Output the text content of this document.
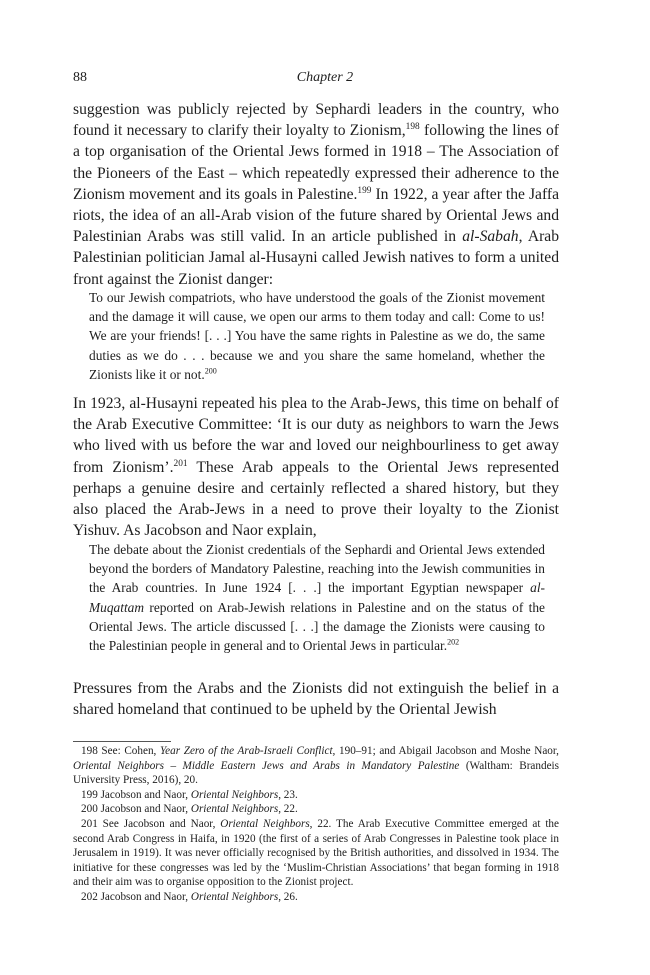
88	Chapter 2

suggestion was publicly rejected by Sephardi leaders in the country, who found it necessary to clarify their loyalty to Zionism,$^{198}$ following the lines of a top organisation of the Oriental Jews formed in 1918 – The Association of the Pioneers of the East – which repeatedly expressed their adherence to the Zionism movement and its goals in Palestine.$^{199}$ In 1922, a year after the Jaffa riots, the idea of an all-Arab vision of the future shared by Oriental Jews and Palestinian Arabs was still valid. In an article published in al-Sabah, Arab Palestinian politician Jamal al-Husayni called Jewish natives to form a united front against the Zionist danger:

To our Jewish compatriots, who have understood the goals of the Zionist movement and the damage it will cause, we open our arms to them today and call: Come to us! We are your friends! [. . .] You have the same rights in Palestine as we do, the same duties as we do . . . because we and you share the same homeland, whether the Zionists like it or not.$^{200}$

In 1923, al-Husayni repeated his plea to the Arab-Jews, this time on behalf of the Arab Executive Committee: ‘It is our duty as neighbors to warn the Jews who lived with us before the war and loved our neighbourliness to get away from Zionism’.$^{201}$ These Arab appeals to the Oriental Jews represented perhaps a genuine desire and certainly reflected a shared history, but they also placed the Arab-Jews in a need to prove their loyalty to the Zionist Yishuv. As Jacobson and Naor explain,

The debate about the Zionist credentials of the Sephardi and Oriental Jews extended beyond the borders of Mandatory Palestine, reaching into the Jewish communities in the Arab countries. In June 1924 [. . .] the important Egyptian newspaper al-Muqattam reported on Arab-Jewish relations in Palestine and on the status of the Oriental Jews. The article discussed [. . .] the damage the Zionists were causing to the Palestinian people in general and to Oriental Jews in particular.$^{202}$

Pressures from the Arabs and the Zionists did not extinguish the belief in a shared homeland that continued to be upheld by the Oriental Jewish

198 See: Cohen, Year Zero of the Arab-Israeli Conflict, 190–91; and Abigail Jacobson and Moshe Naor, Oriental Neighbors – Middle Eastern Jews and Arabs in Mandatory Palestine (Waltham: Brandeis University Press, 2016), 20.

199 Jacobson and Naor, Oriental Neighbors, 23.

200 Jacobson and Naor, Oriental Neighbors, 22.

201 See Jacobson and Naor, Oriental Neighbors, 22. The Arab Executive Committee emerged at the second Arab Congress in Haifa, in 1920 (the first of a series of Arab Congresses in Palestine took place in Jerusalem in 1919). It was never officially recognised by the British authorities, and dissolved in 1934. The initiative for these congresses was led by the ‘Muslim-Christian Associations’ that began forming in 1918 and their aim was to organise opposition to the Zionist project.

202 Jacobson and Naor, Oriental Neighbors, 26.
